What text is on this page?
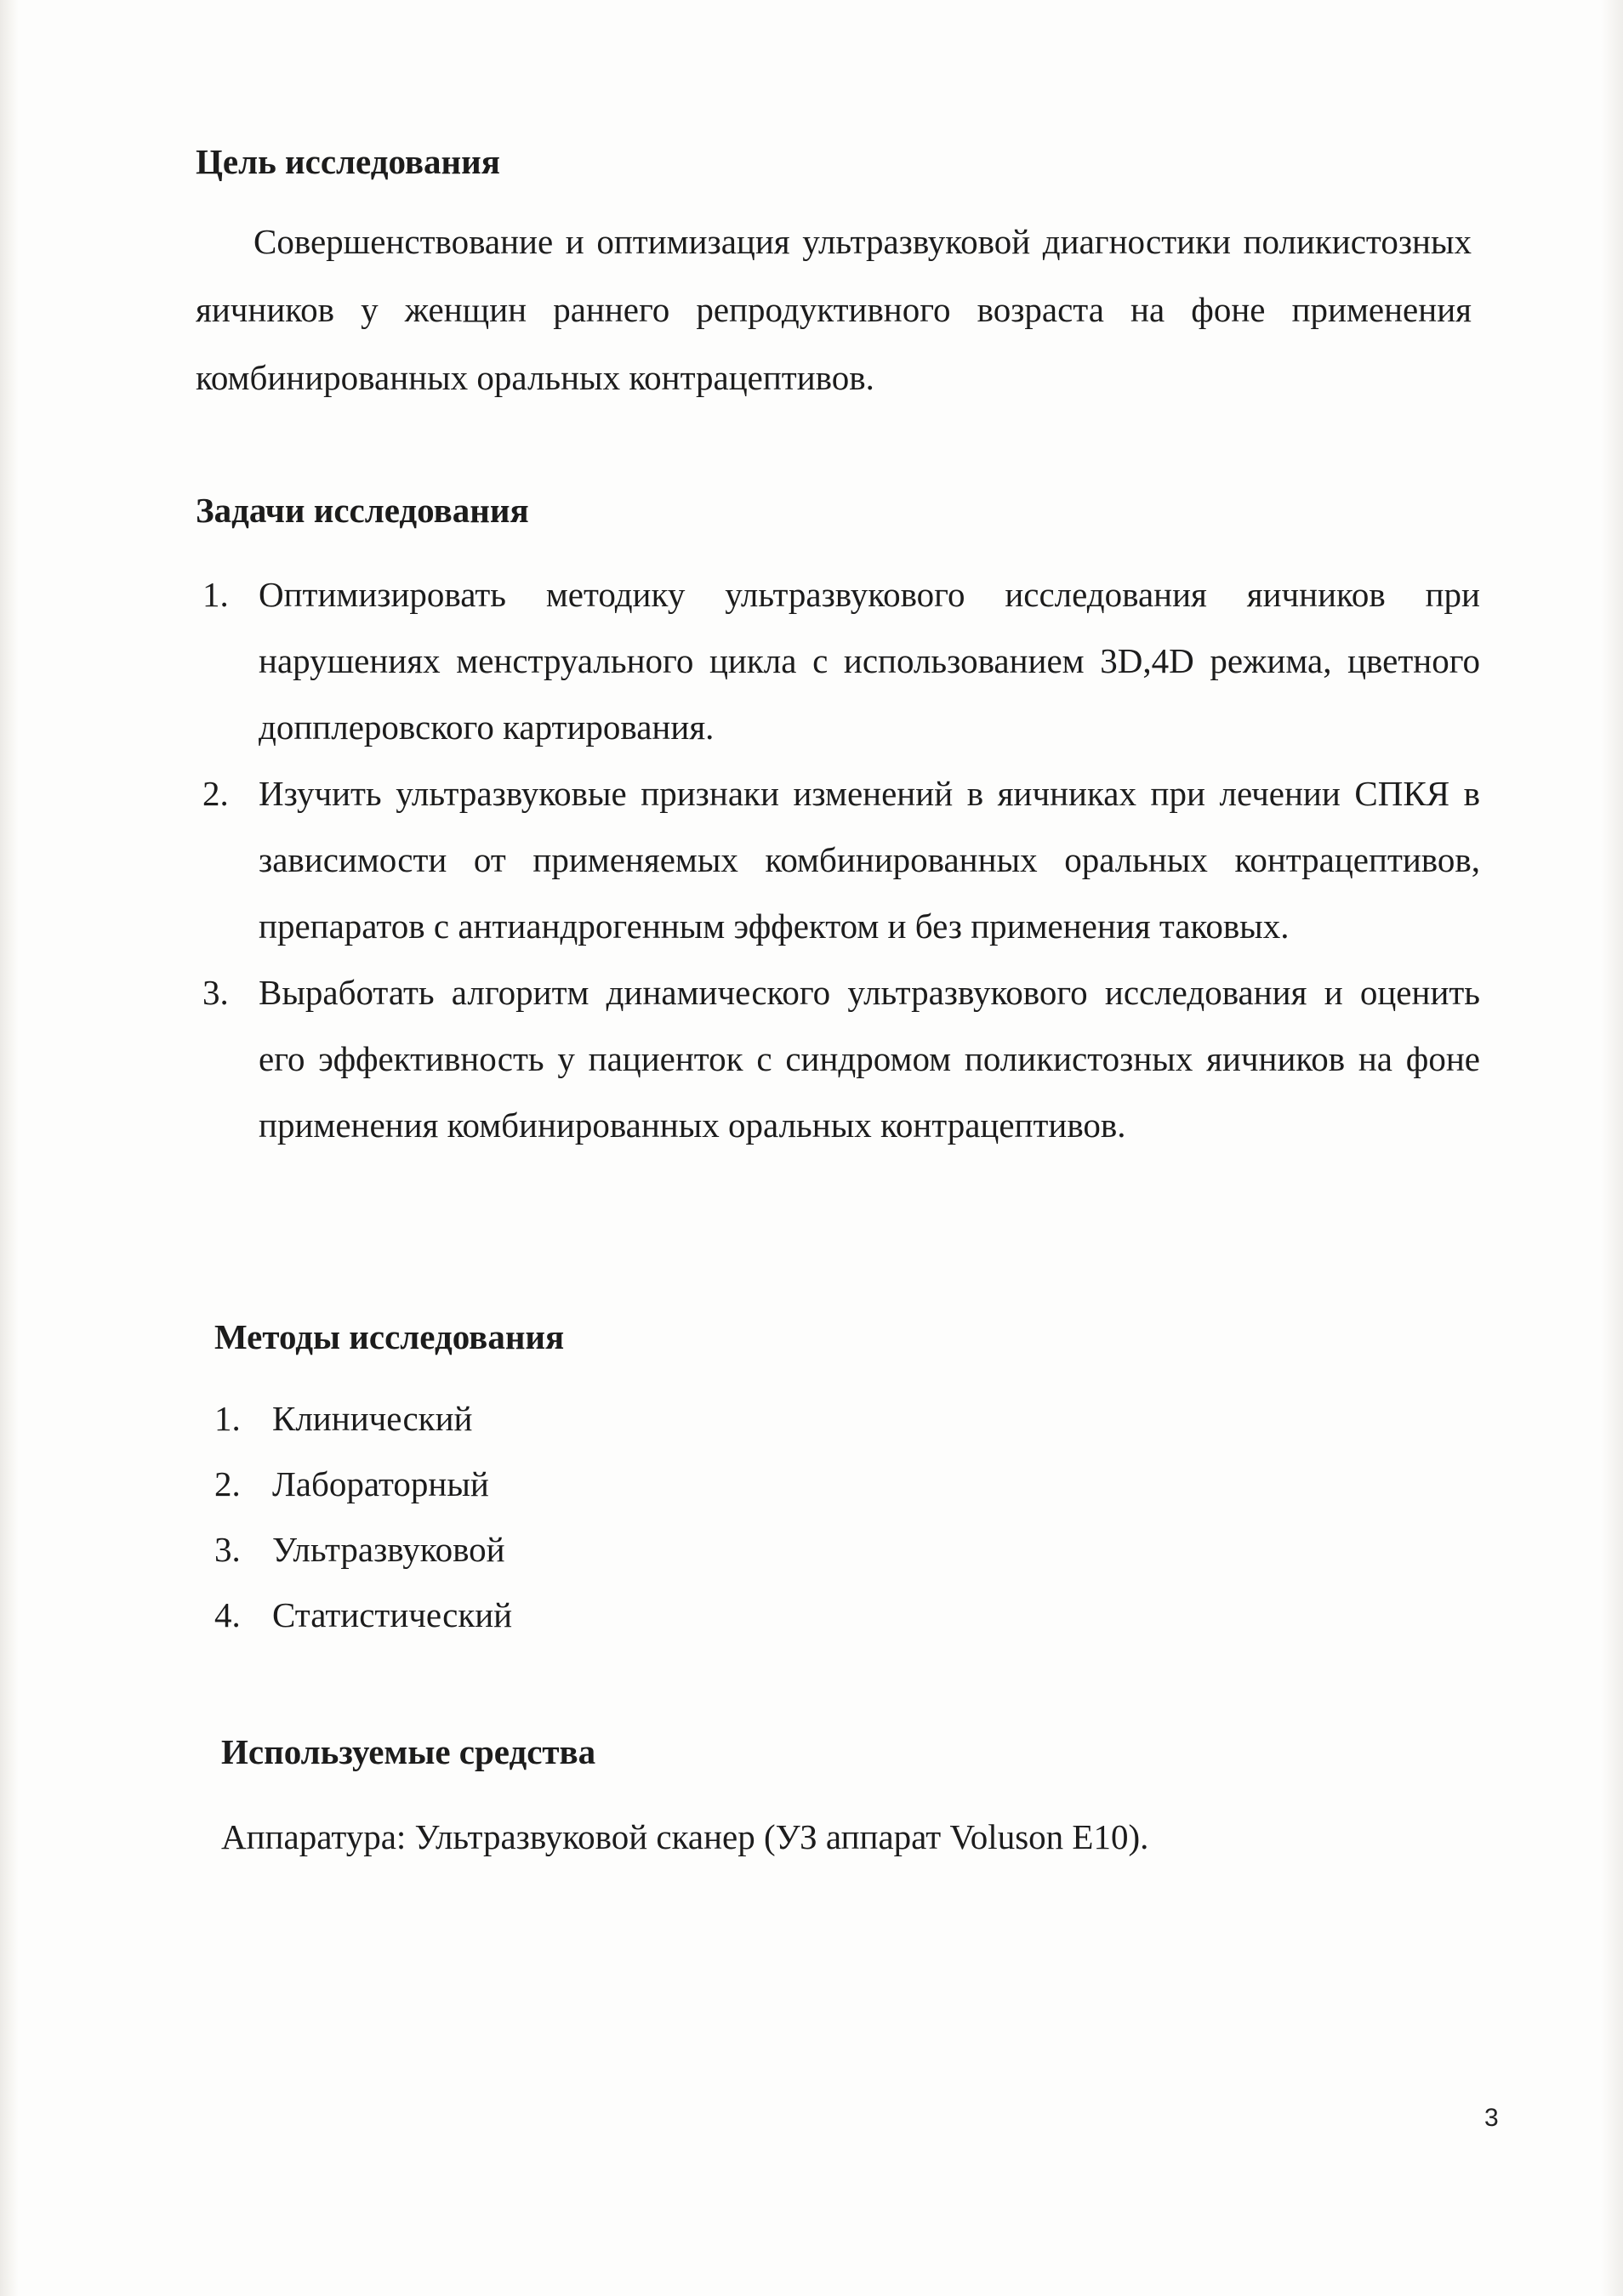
Цель исследования

Совершенствование и оптимизация ультразвуковой диагностики поликистозных яичников у женщин раннего репродуктивного возраста на фоне применения комбинированных оральных контрацептивов.

Задачи исследования
1. Оптимизировать методику ультразвукового исследования яичников при нарушениях менструального цикла с использованием 3D,4D режима, цветного допплеровского картирования.
2. Изучить ультразвуковые признаки изменений в яичниках при лечении СПКЯ в зависимости от применяемых комбинированных оральных контрацептивов, препаратов с антиандрогенным эффектом и без применения таковых.
3. Выработать алгоритм динамического ультразвукового исследования и оценить его эффективность у пациенток с синдромом поликистозных яичников на фоне применения комбинированных оральных контрацептивов.
Методы исследования
1. Клинический
2. Лабораторный
3. Ультразвуковой
4. Статистический
Используемые средства

Аппаратура: Ультразвуковой сканер (УЗ аппарат Voluson E10).

3
